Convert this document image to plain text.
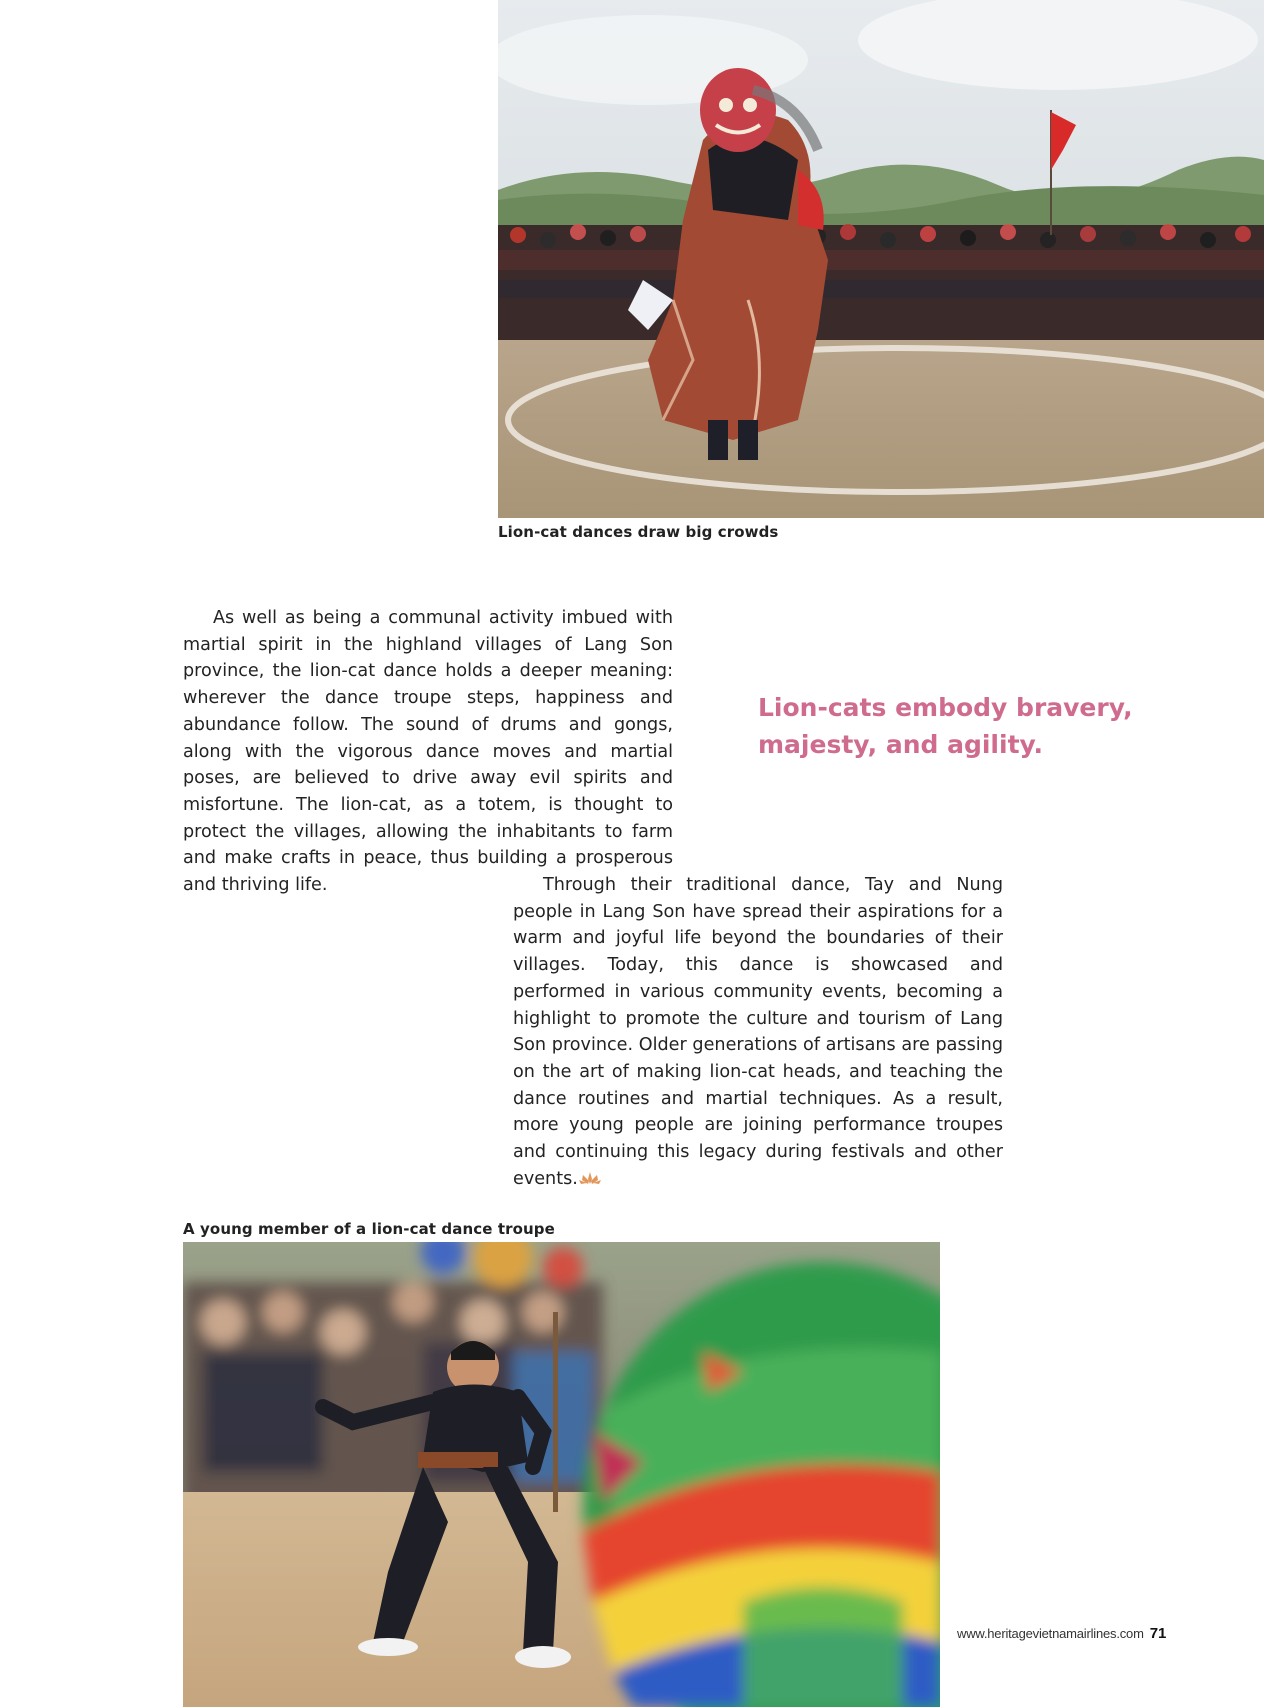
Lion-cat dances draw big crowds

As well as being a communal activity imbued with martial spirit in the highland villages of Lang Son province, the lion-cat dance holds a deeper meaning: wherever the dance troupe steps, happiness and abundance follow. The sound of drums and gongs, along with the vigorous dance moves and martial poses, are believed to drive away evil spirits and misfortune. The lion-cat, as a totem, is thought to protect the villages, allowing the inhabitants to farm and make crafts in peace, thus building a prosperous and thriving life.

Lion-cats embody bravery, majesty, and agility.

Through their traditional dance, Tay and Nung people in Lang Son have spread their aspirations for a warm and joyful life beyond the boundaries of their villages. Today, this dance is showcased and performed in various community events, becoming a highlight to promote the culture and tourism of Lang Son province. Older generations of artisans are passing on the art of making lion-cat heads, and teaching the dance routines and martial techniques. As a result, more young people are joining performance troupes and continuing this legacy during festivals and other events.

A young member of a lion-cat dance troupe
www.heritagevietnamairlines.com 71
